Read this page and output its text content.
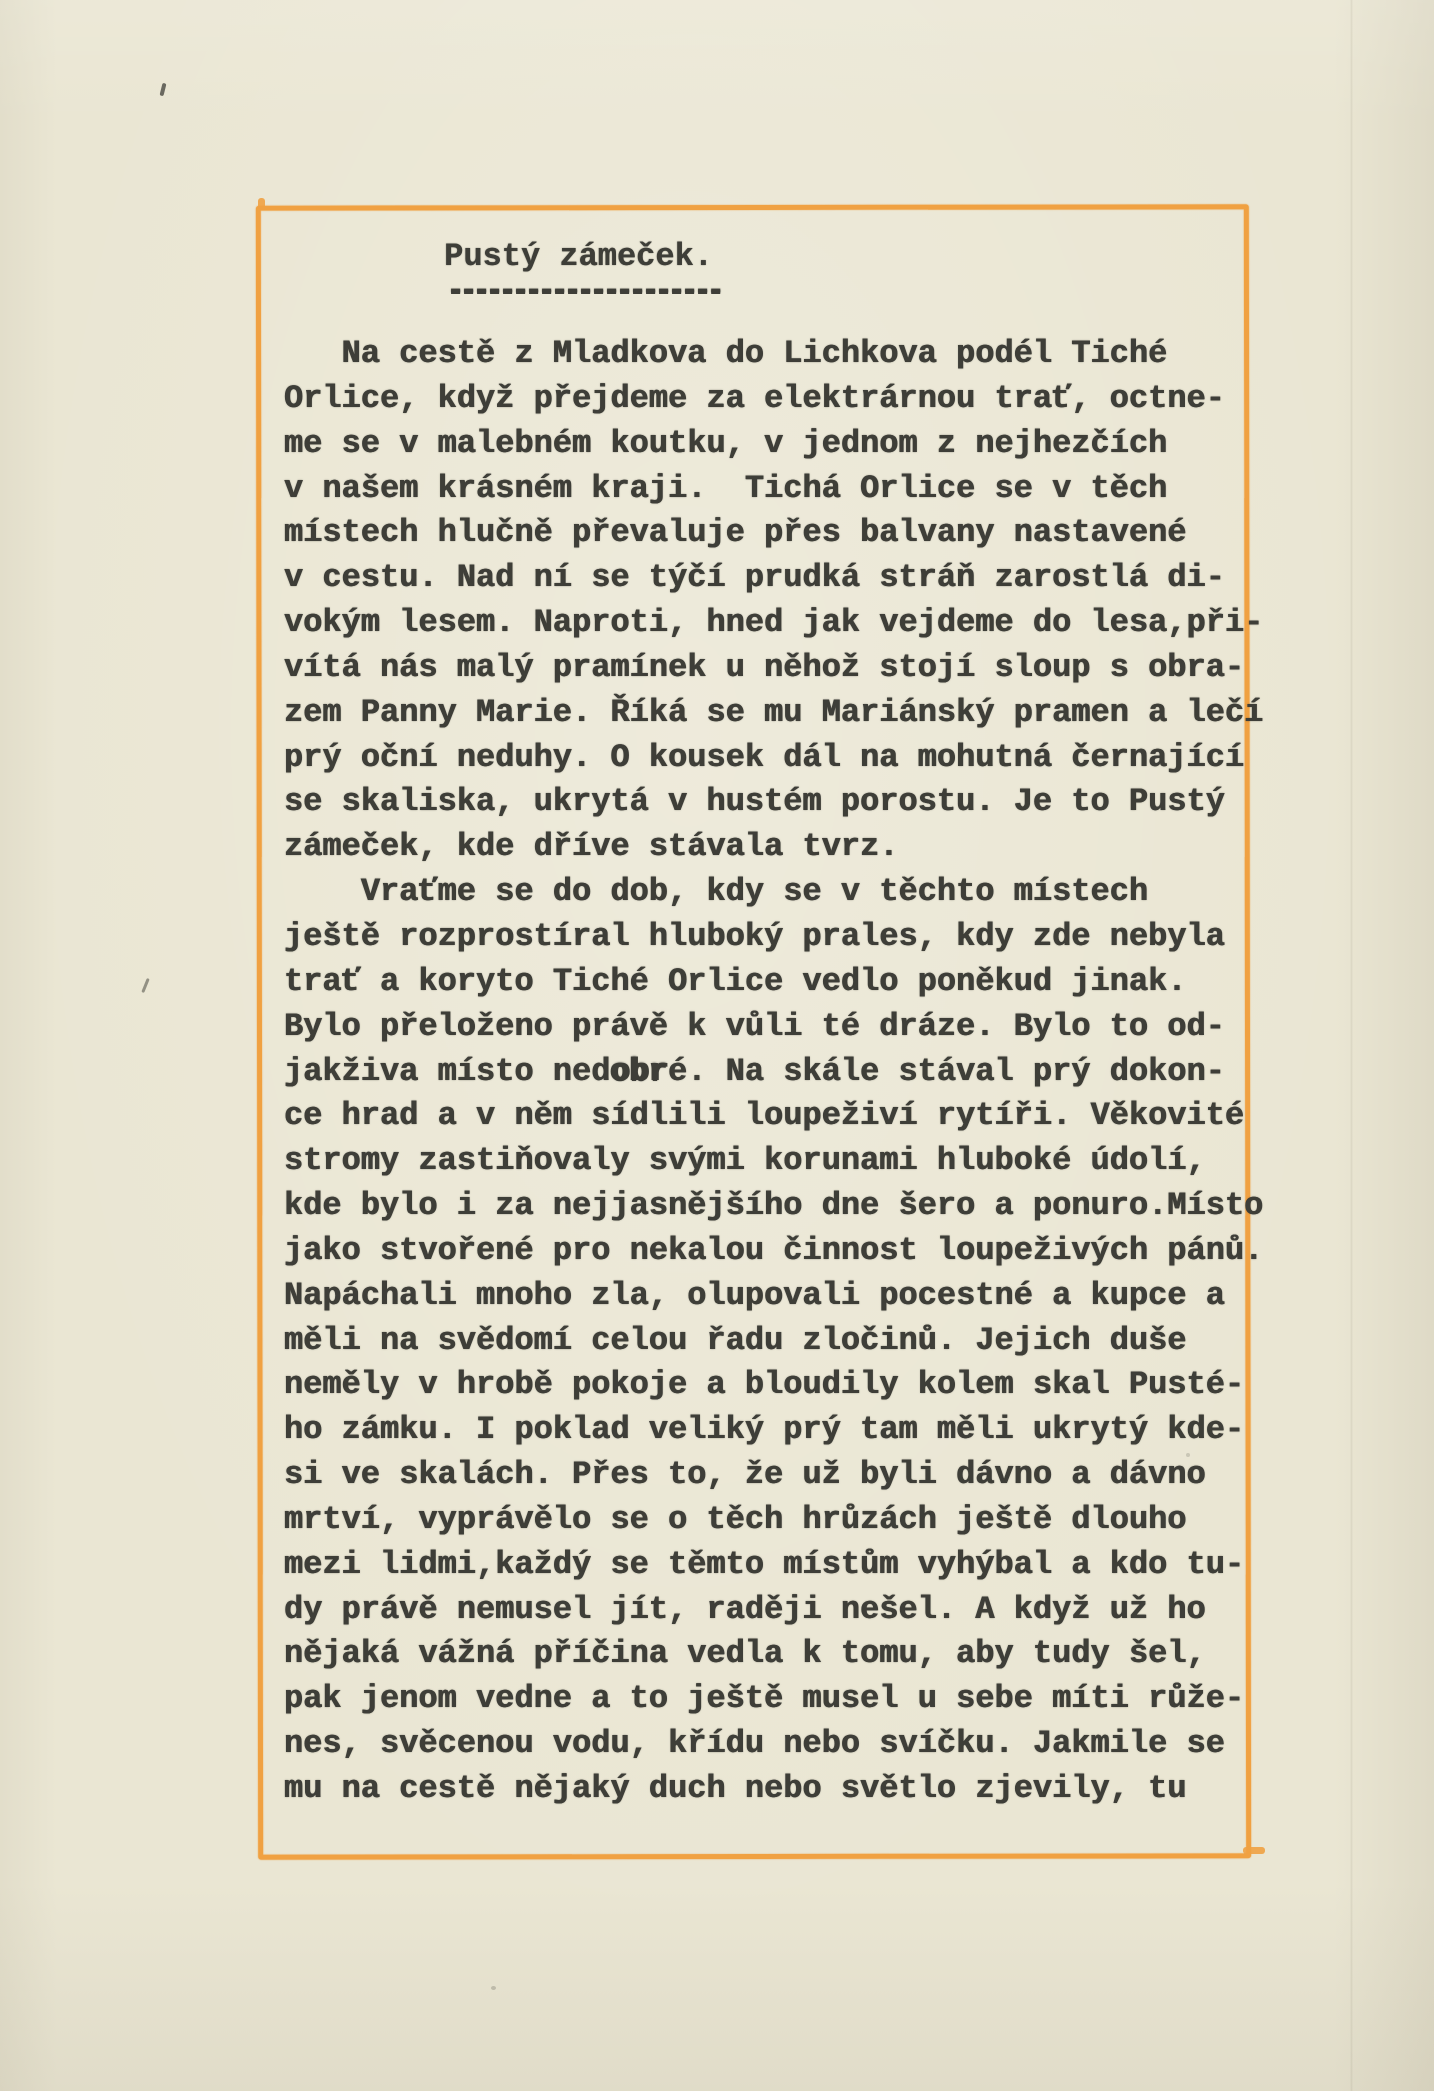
Pustý zámeček.
---------------------
Na cestě z Mladkova do Lichkova podél Tiché
Orlice, když přejdeme za elektrárnou trať, octne-
me se v malebném koutku, v jednom z nejhezčích
v našem krásném kraji.  Tichá Orlice se v těch
místech hlučně převaluje přes balvany nastavené
v cestu. Nad ní se týčí prudká stráň zarostlá di-
vokým lesem. Naproti, hned jak vejdeme do lesa,při-
vítá nás malý pramínek u něhož stojí sloup s obra-
zem Panny Marie. Říká se mu Mariánský pramen a lečí
prý oční neduhy. O kousek dál na mohutná černající
se skaliska, ukrytá v hustém porostu. Je to Pustý
zámeček, kde dříve stávala tvrz.
Vraťme se do dob, kdy se v těchto místech
ještě rozprostíral hluboký prales, kdy zde nebyla
trať a koryto Tiché Orlice vedlo poněkud jinak.
Bylo přeloženo právě k vůli té dráze. Bylo to od-
jakživa místo nedobré. Na skále stával prý dokon-
ce hrad a v něm sídlili loupeživí rytíři. Věkovité
stromy zastiňovaly svými korunami hluboké údolí,
kde bylo i za nejjasnějšího dne šero a ponuro.Místo
jako stvořené pro nekalou činnost loupeživých pánů.
Napáchali mnoho zla, olupovali pocestné a kupce a
měli na svědomí celou řadu zločinů. Jejich duše
neměly v hrobě pokoje a bloudily kolem skal Pusté-
ho zámku. I poklad veliký prý tam měli ukrytý kde-
si ve skalách. Přes to, že už byli dávno a dávno
mrtví, vyprávělo se o těch hrůzách ještě dlouho
mezi lidmi,každý se těmto místům vyhýbal a kdo tu-
dy právě nemusel jít, raději nešel. A když už ho
nějaká vážná příčina vedla k tomu, aby tudy šel,
pak jenom vedne a to ještě musel u sebe míti růže-
nes, svěcenou vodu, křídu nebo svíčku. Jakmile se
mu na cestě nějaký duch nebo světlo zjevily, tu
